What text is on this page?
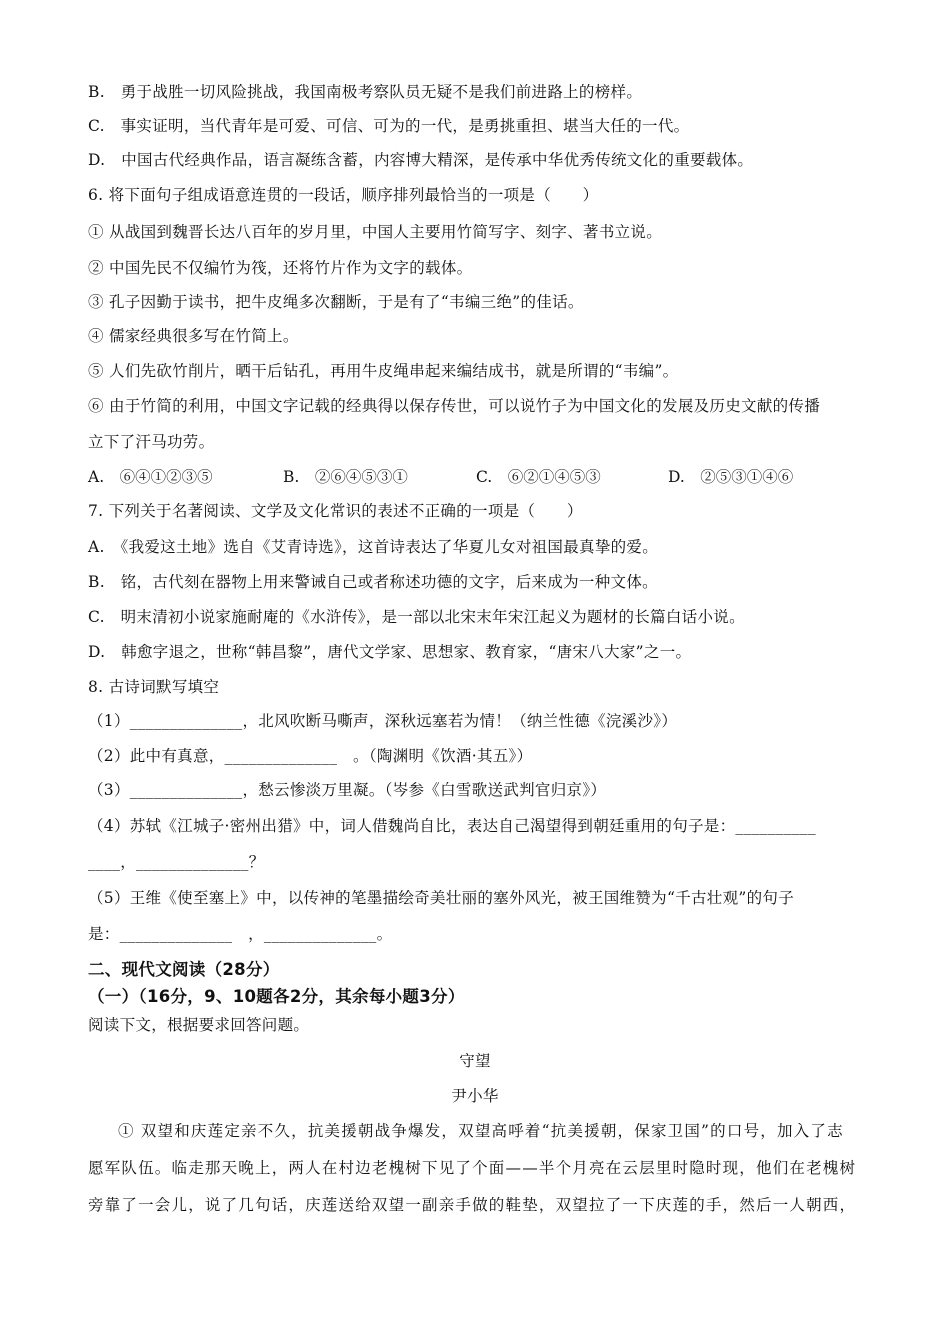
B.　勇于战胜一切风险挑战，我国南极考察队员无疑不是我们前进路上的榜样。
C.　事实证明，当代青年是可爱、可信、可为的一代，是勇挑重担、堪当大任的一代。
D.　中国古代经典作品，语言凝练含蓄，内容博大精深，是传承中华优秀传统文化的重要载体。
6. 将下面句子组成语意连贯的一段话，顺序排列最恰当的一项是（　　）
① 从战国到魏晋长达八百年的岁月里，中国人主要用竹简写字、刻字、著书立说。
② 中国先民不仅编竹为筏，还将竹片作为文字的载体。
③ 孔子因勤于读书，把牛皮绳多次翻断，于是有了“韦编三绝”的佳话。
④ 儒家经典很多写在竹简上。
⑤ 人们先砍竹削片，晒干后钻孔，再用牛皮绳串起来编结成书，就是所谓的“韦编”。
⑥ 由于竹简的利用，中国文字记载的经典得以保存传世，可以说竹子为中国文化的发展及历史文献的传播
立下了汗马功劳。
A.　⑥④①②③⑤	B.　②⑥④⑤③①	C.　⑥②①④⑤③	D.　②⑤③①④⑥
7. 下列关于名著阅读、文学及文化常识的表述不正确的一项是（　　）
A.　《我爱这土地》选自《艾青诗选》，这首诗表达了华夏儿女对祖国最真挚的爱。
B.　铭，古代刻在器物上用来警诫自己或者称述功德的文字，后来成为一种文体。
C.　明末清初小说家施耐庵的《水浒传》，是一部以北宋末年宋江起义为题材的长篇白话小说。
D.　韩愈字退之，世称“韩昌黎”，唐代文学家、思想家、教育家，“唐宋八大家”之一。
8. 古诗词默写填空
（1）______________，北风吹断马嘶声，深秋远塞若为情！（纳兰性德《浣溪沙》）
（2）此中有真意，______________　。（陶渊明《饮酒·其五》）
（3）______________，愁云惨淡万里凝。（岑参《白雪歌送武判官归京》）
（4）苏轼《江城子·密州出猎》中，词人借魏尚自比，表达自己渴望得到朝廷重用的句子是：__________
____，______________？
（5）王维《使至塞上》中，以传神的笔墨描绘奇美壮丽的塞外风光，被王国维赞为“千古壮观”的句子
是：______________　，______________。
二、现代文阅读（28分）
（一）（16分，9、10题各2分，其余每小题3分）
阅读下文，根据要求回答问题。
守望
尹小华
① 双望和庆莲定亲不久，抗美援朝战争爆发，双望高呼着“抗美援朝，保家卫国”的口号，加入了志
愿军队伍。临走那天晚上，两人在村边老槐树下见了个面——半个月亮在云层里时隐时现，他们在老槐树
旁靠了一会儿，说了几句话，庆莲送给双望一副亲手做的鞋垫，双望拉了一下庆莲的手，然后一人朝西，
